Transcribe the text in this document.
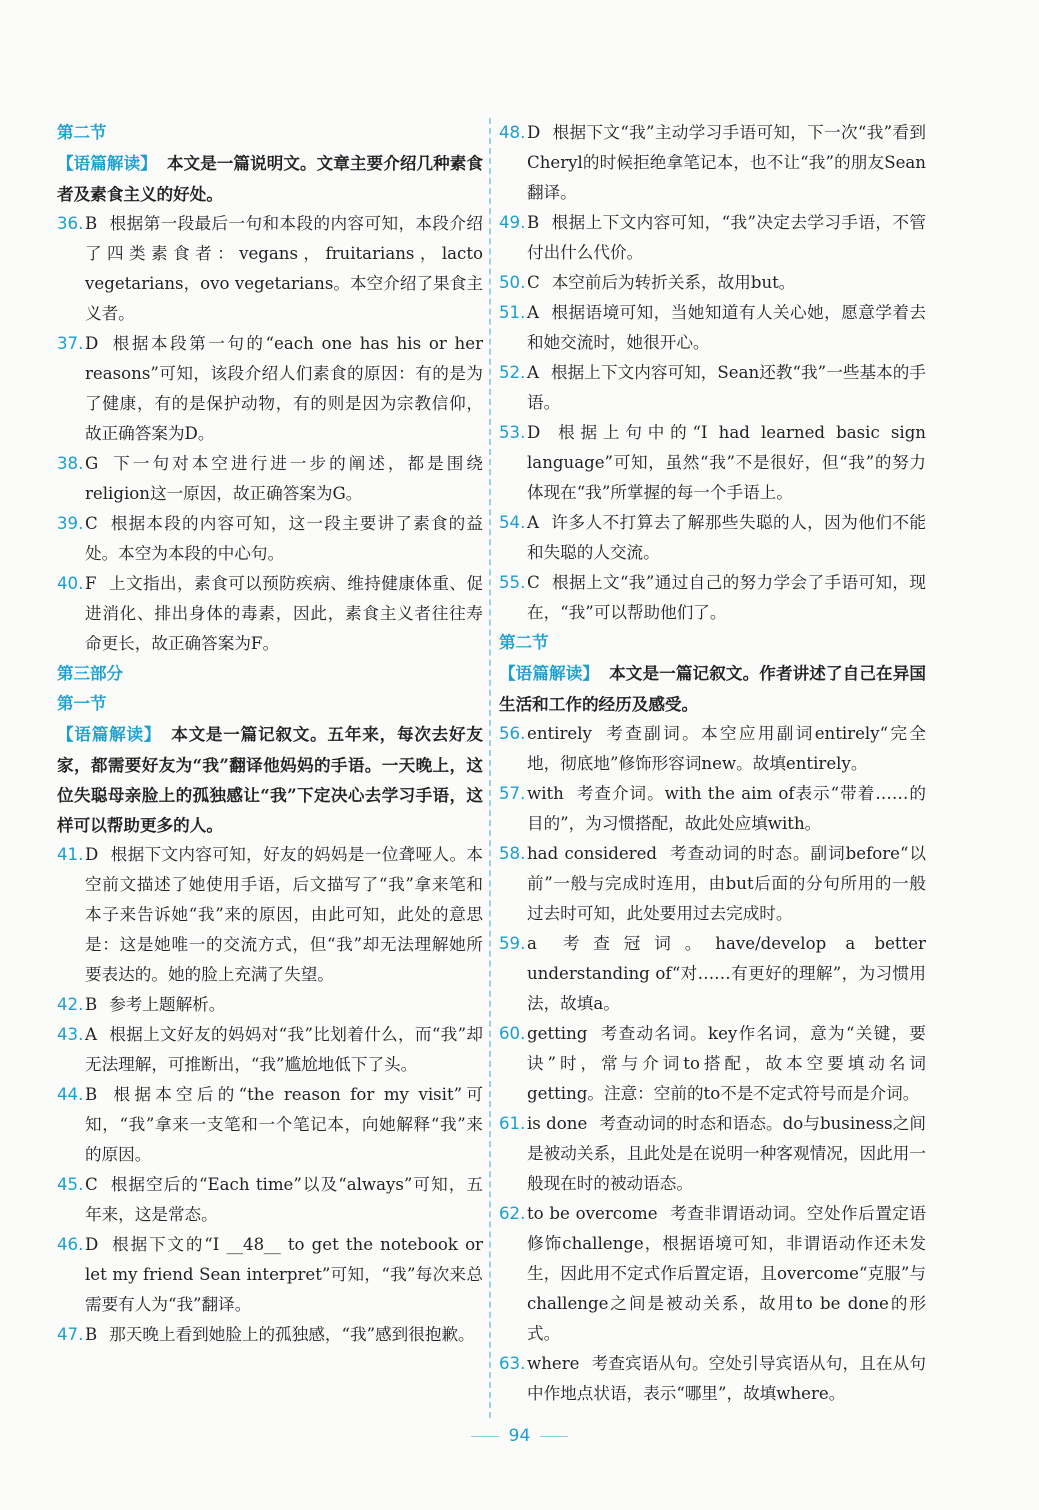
第二节
【语篇解读】 本文是一篇说明文。文章主要介绍几种素食者及素食主义的好处。
36. B 根据第一段最后一句和本段的内容可知，本段介绍了四类素食者：vegans，fruitarians，lacto vegetarians，ovo vegetarians。本空介绍了果食主义者。
37. D 根据本段第一句的“each one has his or her reasons”可知，该段介绍人们素食的原因：有的是为了健康，有的是保护动物，有的则是因为宗教信仰，故正确答案为D。
38. G 下一句对本空进行进一步的阐述，都是围绕religion这一原因，故正确答案为G。
39. C 根据本段的内容可知，这一段主要讲了素食的益处。本空为本段的中心句。
40. F 上文指出，素食可以预防疾病、维持健康体重、促进消化、排出身体的毒素，因此，素食主义者往往寿命更长，故正确答案为F。
第三部分
第一节
【语篇解读】 本文是一篇记叙文。五年来，每次去好友家，都需要好友为“我”翻译他妈妈的手语。一天晚上，这位失聪母亲脸上的孤独感让“我”下定决心去学习手语，这样可以帮助更多的人。
41. D 根据下文内容可知，好友的妈妈是一位聋哑人。本空前文描述了她使用手语，后文描写了“我”拿来笔和本子来告诉她“我”来的原因，由此可知，此处的意思是：这是她唯一的交流方式，但“我”却无法理解她所要表达的。她的脸上充满了失望。
42. B 参考上题解析。
43. A 根据上文好友的妈妈对“我”比划着什么，而“我”却无法理解，可推断出，“我”尴尬地低下了头。
44. B 根据本空后的“the reason for my visit”可知，“我”拿来一支笔和一个笔记本，向她解释“我”来的原因。
45. C 根据空后的“Each time”以及“always”可知，五年来，这是常态。
46. D 根据下文的“I __48__ to get the notebook or let my friend Sean interpret”可知，“我”每次来总需要有人为“我”翻译。
47. B 那天晚上看到她脸上的孤独感，“我”感到很抱歉。
48. D 根据下文“我”主动学习手语可知，下一次“我”看到Cheryl的时候拒绝拿笔记本，也不让“我”的朋友Sean翻译。
49. B 根据上下文内容可知，“我”决定去学习手语，不管付出什么代价。
50. C 本空前后为转折关系，故用but。
51. A 根据语境可知，当她知道有人关心她，愿意学着去和她交流时，她很开心。
52. A 根据上下文内容可知，Sean还教“我”一些基本的手语。
53. D 根据上句中的“I had learned basic sign language”可知，虽然“我”不是很好，但“我”的努力体现在“我”所掌握的每一个手语上。
54. A 许多人不打算去了解那些失聪的人，因为他们不能和失聪的人交流。
55. C 根据上文“我”通过自己的努力学会了手语可知，现在，“我”可以帮助他们了。
第二节
【语篇解读】 本文是一篇记叙文。作者讲述了自己在异国生活和工作的经历及感受。
56. entirely 考查副词。本空应用副词entirely“完全地，彻底地”修饰形容词new。故填entirely。
57. with 考查介词。with the aim of表示“带着……的目的”，为习惯搭配，故此处应填with。
58. had considered 考查动词的时态。副词before“以前”一般与完成时连用，由but后面的分句所用的一般过去时可知，此处要用过去完成时。
59. a 考查冠词。have/develop a better understanding of“对……有更好的理解”，为习惯用法，故填a。
60. getting 考查动名词。key作名词，意为“关键，要诀”时，常与介词to搭配，故本空要填动名词getting。注意：空前的to不是不定式符号而是介词。
61. is done 考查动词的时态和语态。do与business之间是被动关系，且此处是在说明一种客观情况，因此用一般现在时的被动语态。
62. to be overcome 考查非谓语动词。空处作后置定语修饰challenge，根据语境可知，非谓语动作还未发生，因此用不定式作后置定语，且overcome“克服”与challenge之间是被动关系，故用to be done的形式。
63. where 考查宾语从句。空处引导宾语从句，且在从句中作地点状语，表示“哪里”，故填where。
94
